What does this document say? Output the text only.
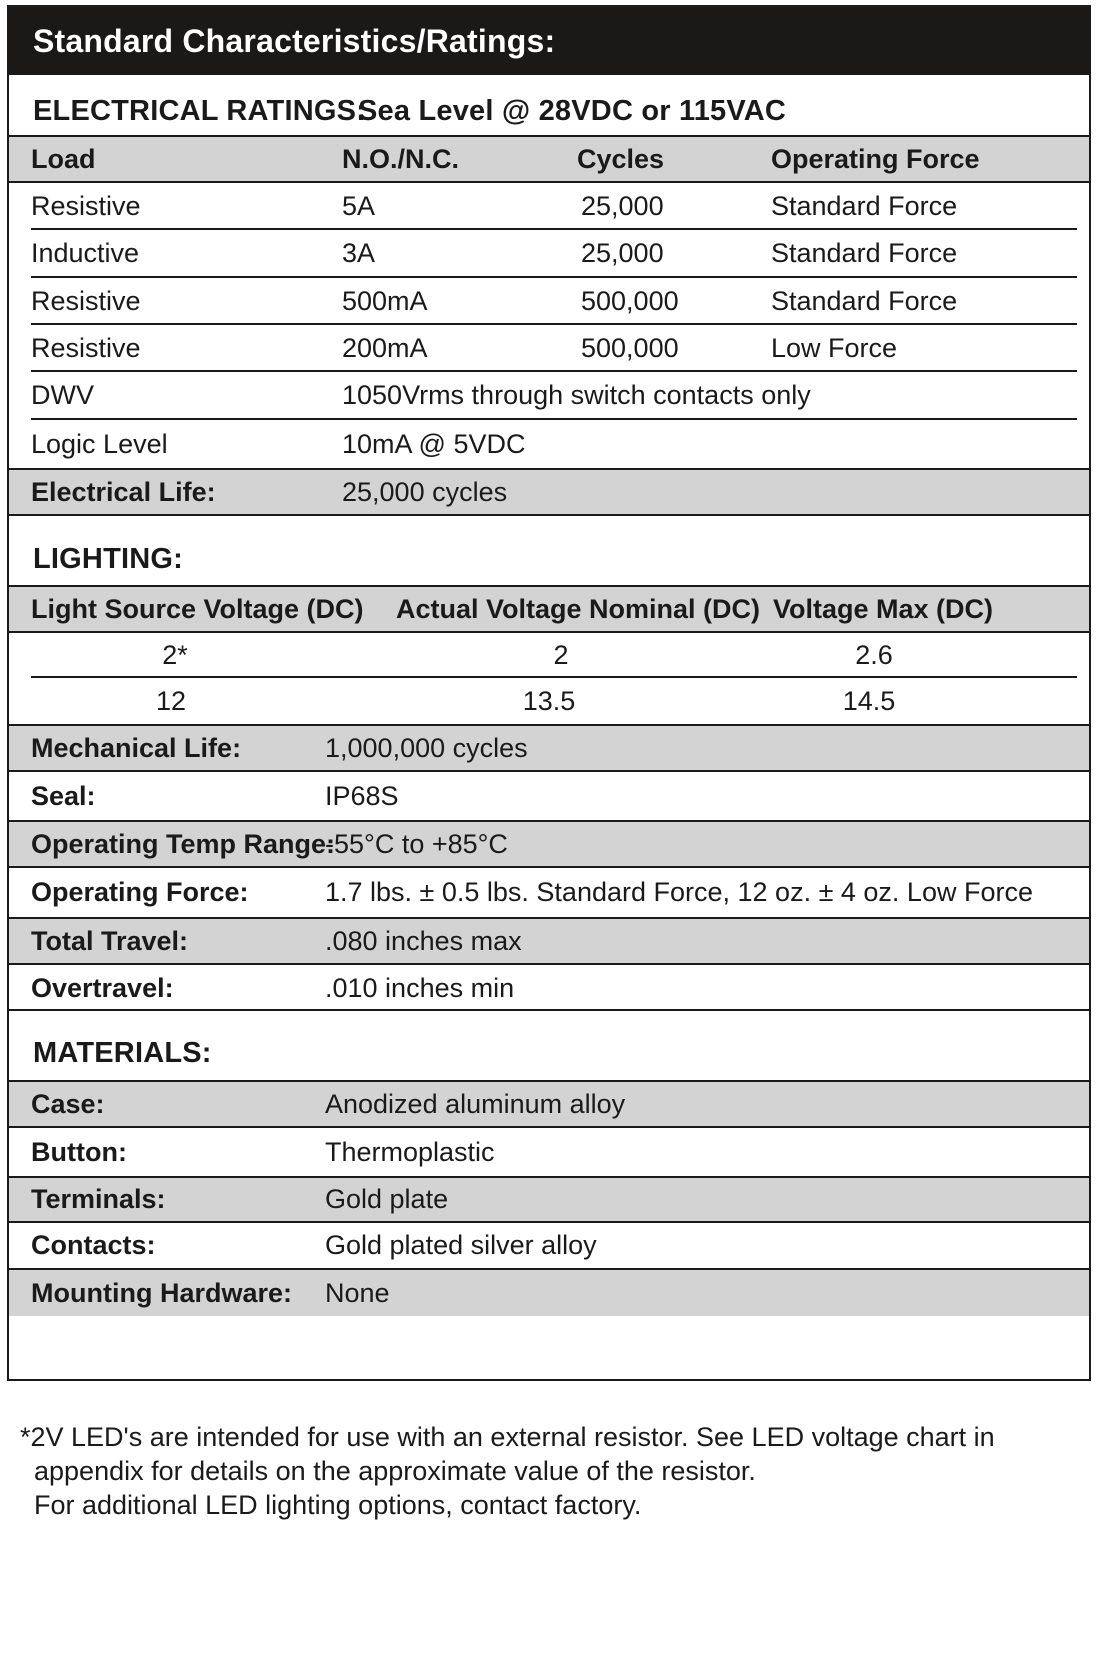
Standard Characteristics/Ratings:
ELECTRICAL RATINGS:
Sea Level @ 28VDC or 115VAC
Load	N.O./N.C.	Cycles	Operating Force
Resistive	5A	25,000	Standard Force
Inductive	3A	25,000	Standard Force
Resistive	500mA	500,000	Standard Force
Resistive	200mA	500,000	Low Force
DWV	1050Vrms through switch contacts only
Logic Level	10mA @ 5VDC
Electrical Life:	25,000 cycles
LIGHTING:
Light Source Voltage (DC) Actual Voltage Nominal (DC) Voltage Max (DC)
2*	2	2.6
12	13.5	14.5
Mechanical Life:	1,000,000 cycles
Seal:	IP68S
Operating Temp Range:
-55°C to +85°C
Operating Force:	1.7 lbs. ± 0.5 lbs. Standard Force, 12 oz. ± 4 oz. Low Force
Total Travel:	.080 inches max
Overtravel:	.010 inches min
MATERIALS:
Case:	Anodized aluminum alloy
Button:	Thermoplastic
Terminals:	Gold plate
Contacts:	Gold plated silver alloy
Mounting Hardware: None
*2V LED's are intended for use with an external resistor. See LED voltage chart in
appendix for details on the approximate value of the resistor.
For additional LED lighting options, contact factory.
